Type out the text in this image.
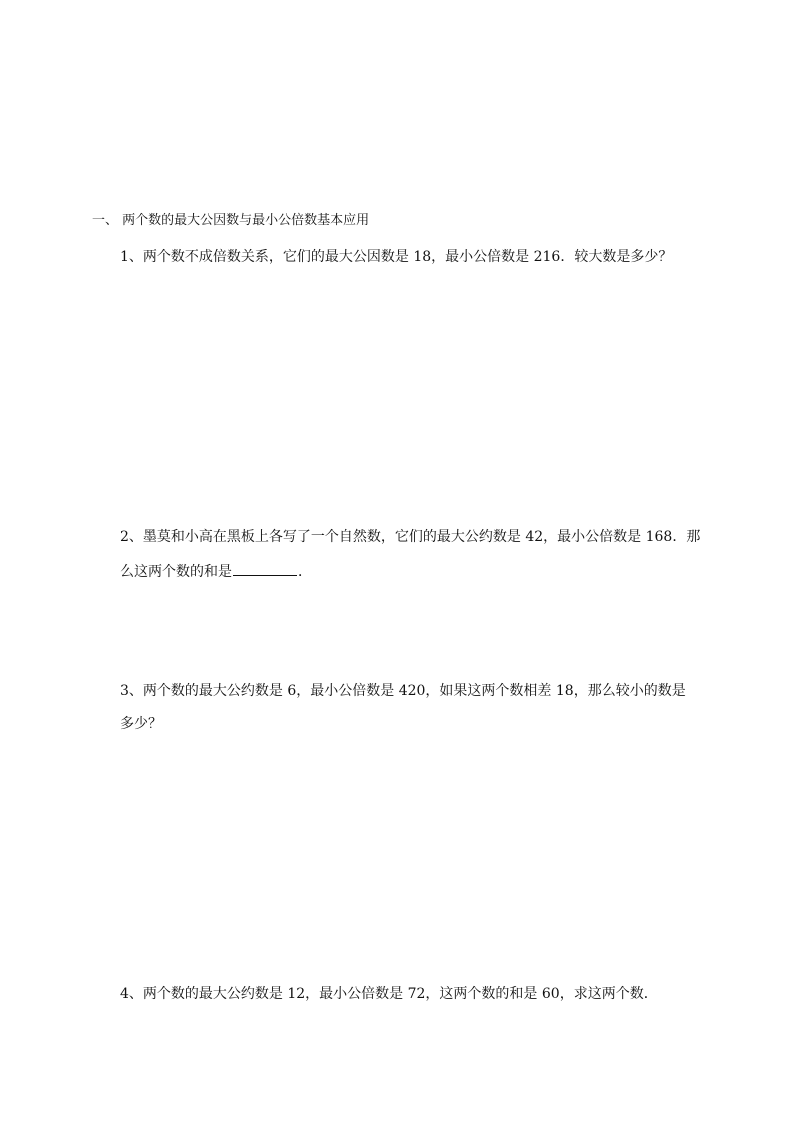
一、 两个数的最大公因数与最小公倍数基本应用
1、两个数不成倍数关系，它们的最大公因数是 18，最小公倍数是 216．较大数是多少？
2、墨莫和小高在黑板上各写了一个自然数，它们的最大公约数是 42，最小公倍数是 168．那
么这两个数的和是	．
3、两个数的最大公约数是 6，最小公倍数是 420，如果这两个数相差 18，那么较小的数是
多少？
4、两个数的最大公约数是 12，最小公倍数是 72，这两个数的和是 60，求这两个数．
